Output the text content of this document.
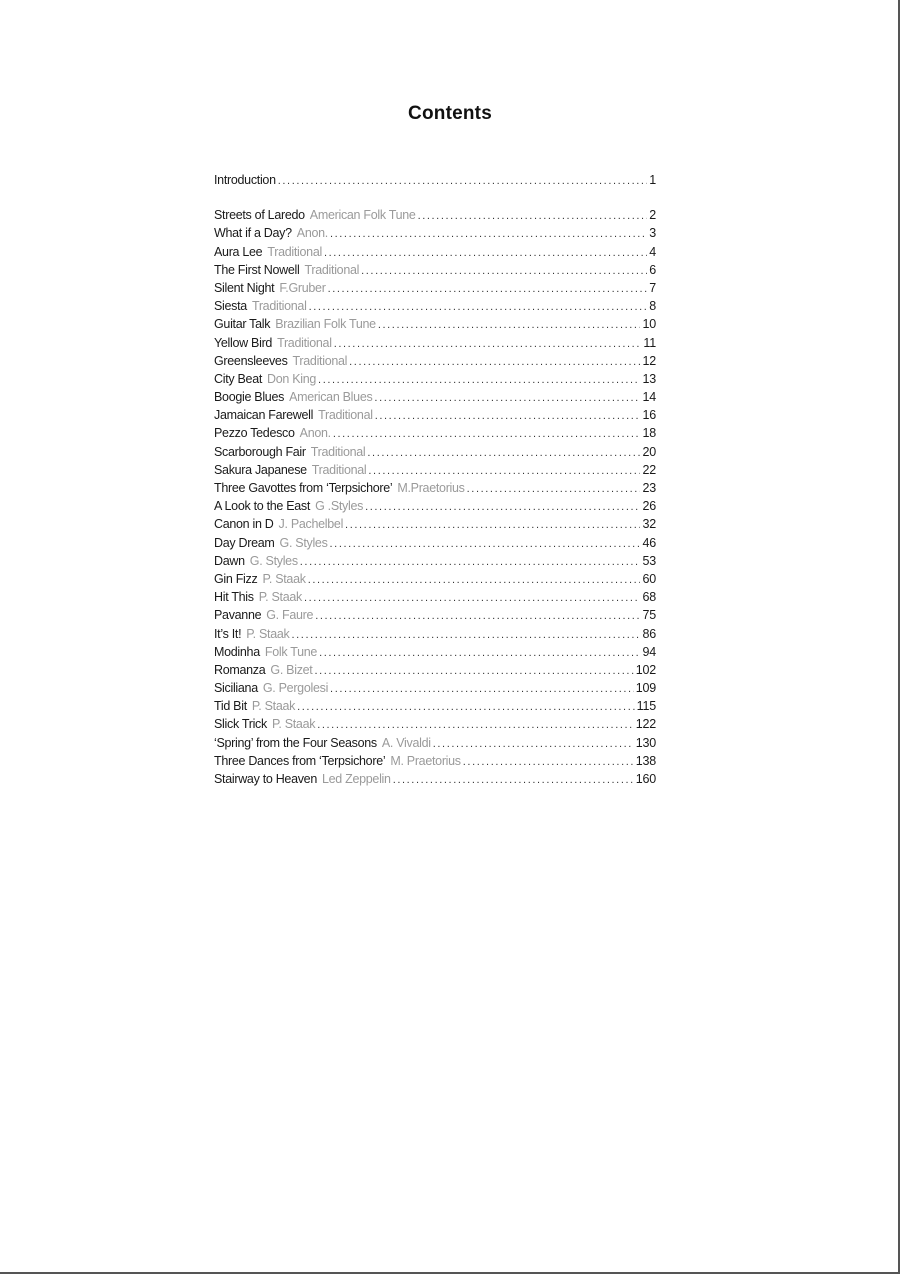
Contents
Introduction .....	1
Streets of Laredo American Folk Tune .....	2
What if a Day? Anon. .....	3
Aura Lee Traditional .....	4
The First Nowell Traditional .....	6
Silent Night F.Gruber .....	7
Siesta Traditional .....	8
Guitar Talk Brazilian Folk Tune .....	10
Yellow Bird Traditional .....	11
Greensleeves Traditional .....	12
City Beat Don King .....	13
Boogie Blues American Blues .....	14
Jamaican Farewell Traditional .....	16
Pezzo Tedesco Anon. .....	18
Scarborough Fair Traditional .....	20
Sakura Japanese Traditional .....	22
Three Gavottes from ‘Terpsichore’ M.Praetorius .....	23
A Look to the East G .Styles .....	26
Canon in D J. Pachelbel .....	32
Day Dream G. Styles .....	46
Dawn G. Styles .....	53
Gin Fizz P. Staak .....	60
Hit This P. Staak .....	68
Pavanne G. Faure .....	75
It’s It! P. Staak .....	86
Modinha Folk Tune .....	94
Romanza G. Bizet .....	102
Siciliana G. Pergolesi .....	109
Tid Bit P. Staak .....	115
Slick Trick P. Staak .....	122
‘Spring’ from the Four Seasons A. Vivaldi .....	130
Three Dances from ‘Terpsichore’ M. Praetorius .....	138
Stairway to Heaven Led Zeppelin .....	160
